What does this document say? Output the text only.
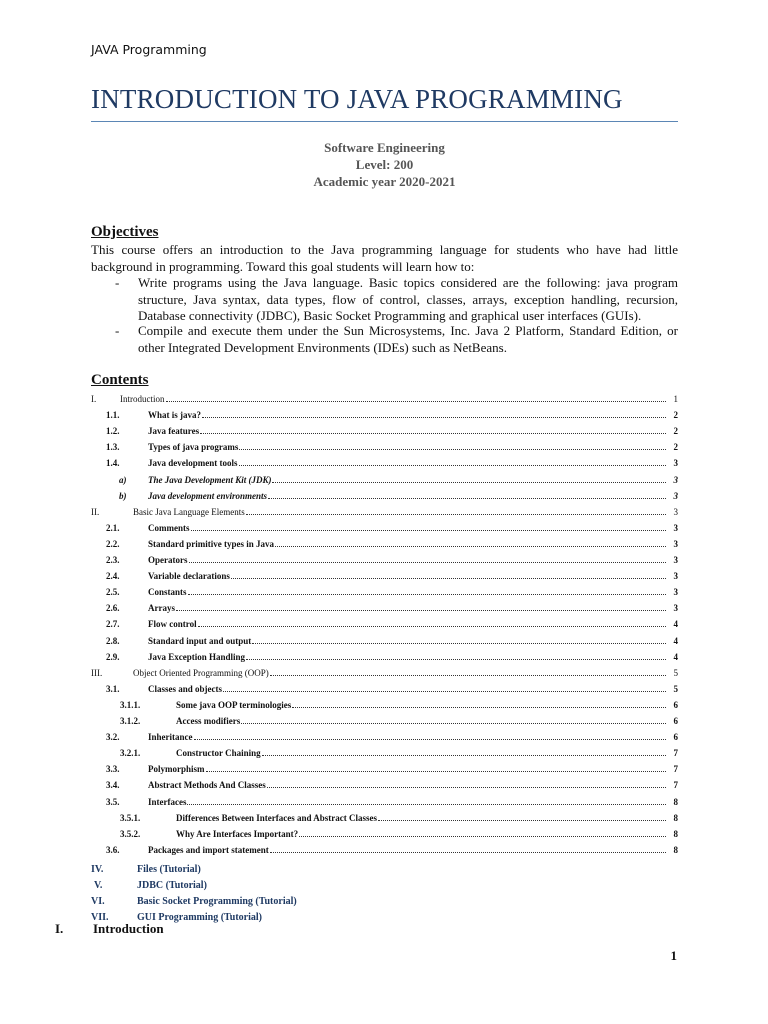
JAVA Programming
INTRODUCTION TO JAVA PROGRAMMING
Software Engineering
Level: 200
Academic year 2020-2021
Objectives
This course offers an introduction to the Java programming language for students who have had little background in programming. Toward this goal students will learn how to:
- Write programs using the Java language. Basic topics considered are the following: java program structure, Java syntax, data types, flow of control, classes, arrays, exception handling, recursion, Database connectivity (JDBC), Basic Socket Programming and graphical user interfaces (GUIs).
- Compile and execute them under the Sun Microsystems, Inc. Java 2 Platform, Standard Edition, or other Integrated Development Environments (IDEs) such as NetBeans.
Contents
I.	Introduction	1
1.1.	What is java?	2
1.2.	Java features	2
1.3.	Types of java programs	2
1.4.	Java development tools	3
a) The Java Development Kit (JDK)	3
b) Java development environments	3
II.	Basic Java Language Elements	3
2.1.	Comments	3
2.2.	Standard primitive types in Java	3
2.3.	Operators	3
2.4.	Variable declarations	3
2.5.	Constants	3
2.6.	Arrays	3
2.7.	Flow control	4
2.8.	Standard input and output	4
2.9.	Java Exception Handling	4
III.	Object Oriented Programming (OOP)	5
3.1.	Classes and objects	5
3.1.1.	Some java OOP terminologies	6
3.1.2.	Access modifiers	6
3.2.	Inheritance	6
3.2.1.	Constructor Chaining	7
3.3.	Polymorphism	7
3.4.	Abstract Methods And Classes	7
3.5.	Interfaces	8
3.5.1.	Differences Between Interfaces and Abstract Classes	8
3.5.2.	Why Are Interfaces Important?	8
3.6.	Packages and import statement	8
IV.	Files (Tutorial)
V.	JDBC (Tutorial)
VI.	Basic Socket Programming (Tutorial)
VII.	GUI Programming (Tutorial)
I. Introduction
1
